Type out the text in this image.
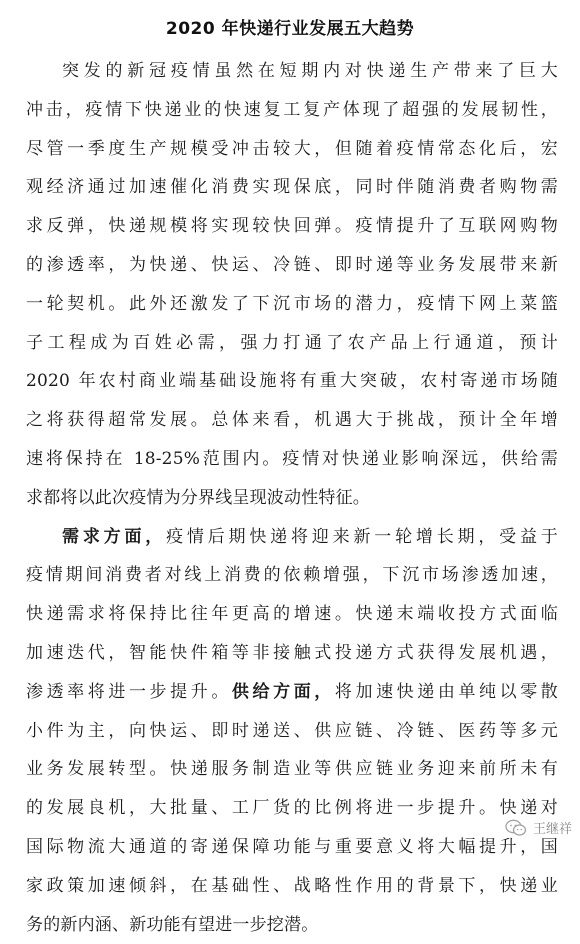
2020 年快递行业发展五大趋势
突发的新冠疫情虽然在短期内对快递生产带来了巨大
冲击，疫情下快递业的快速复工复产体现了超强的发展韧性，
尽管一季度生产规模受冲击较大，但随着疫情常态化后，宏
观经济通过加速催化消费实现保底，同时伴随消费者购物需
求反弹，快递规模将实现较快回弹。疫情提升了互联网购物
的渗透率，为快递、快运、冷链、即时递等业务发展带来新
一轮契机。此外还激发了下沉市场的潜力，疫情下网上菜篮
子工程成为百姓必需，强力打通了农产品上行通道，预计
2020 年农村商业端基础设施将有重大突破，农村寄递市场随
之将获得超常发展。总体来看，机遇大于挑战，预计全年增
速将保持在 18-25%范围内。疫情对快递业影响深远，供给需
求都将以此次疫情为分界线呈现波动性特征。
需求方面，疫情后期快递将迎来新一轮增长期，受益于
疫情期间消费者对线上消费的依赖增强，下沉市场渗透加速，
快递需求将保持比往年更高的增速。快递末端收投方式面临
加速迭代，智能快件箱等非接触式投递方式获得发展机遇，
渗透率将进一步提升。供给方面，将加速快递由单纯以零散
小件为主，向快运、即时递送、供应链、冷链、医药等多元
业务发展转型。快递服务制造业等供应链业务迎来前所未有
的发展良机，大批量、工厂货的比例将进一步提升。快递对
国际物流大通道的寄递保障功能与重要意义将大幅提升，国
家政策加速倾斜，在基础性、战略性作用的背景下，快递业
务的新内涵、新功能有望进一步挖潜。
王继祥
